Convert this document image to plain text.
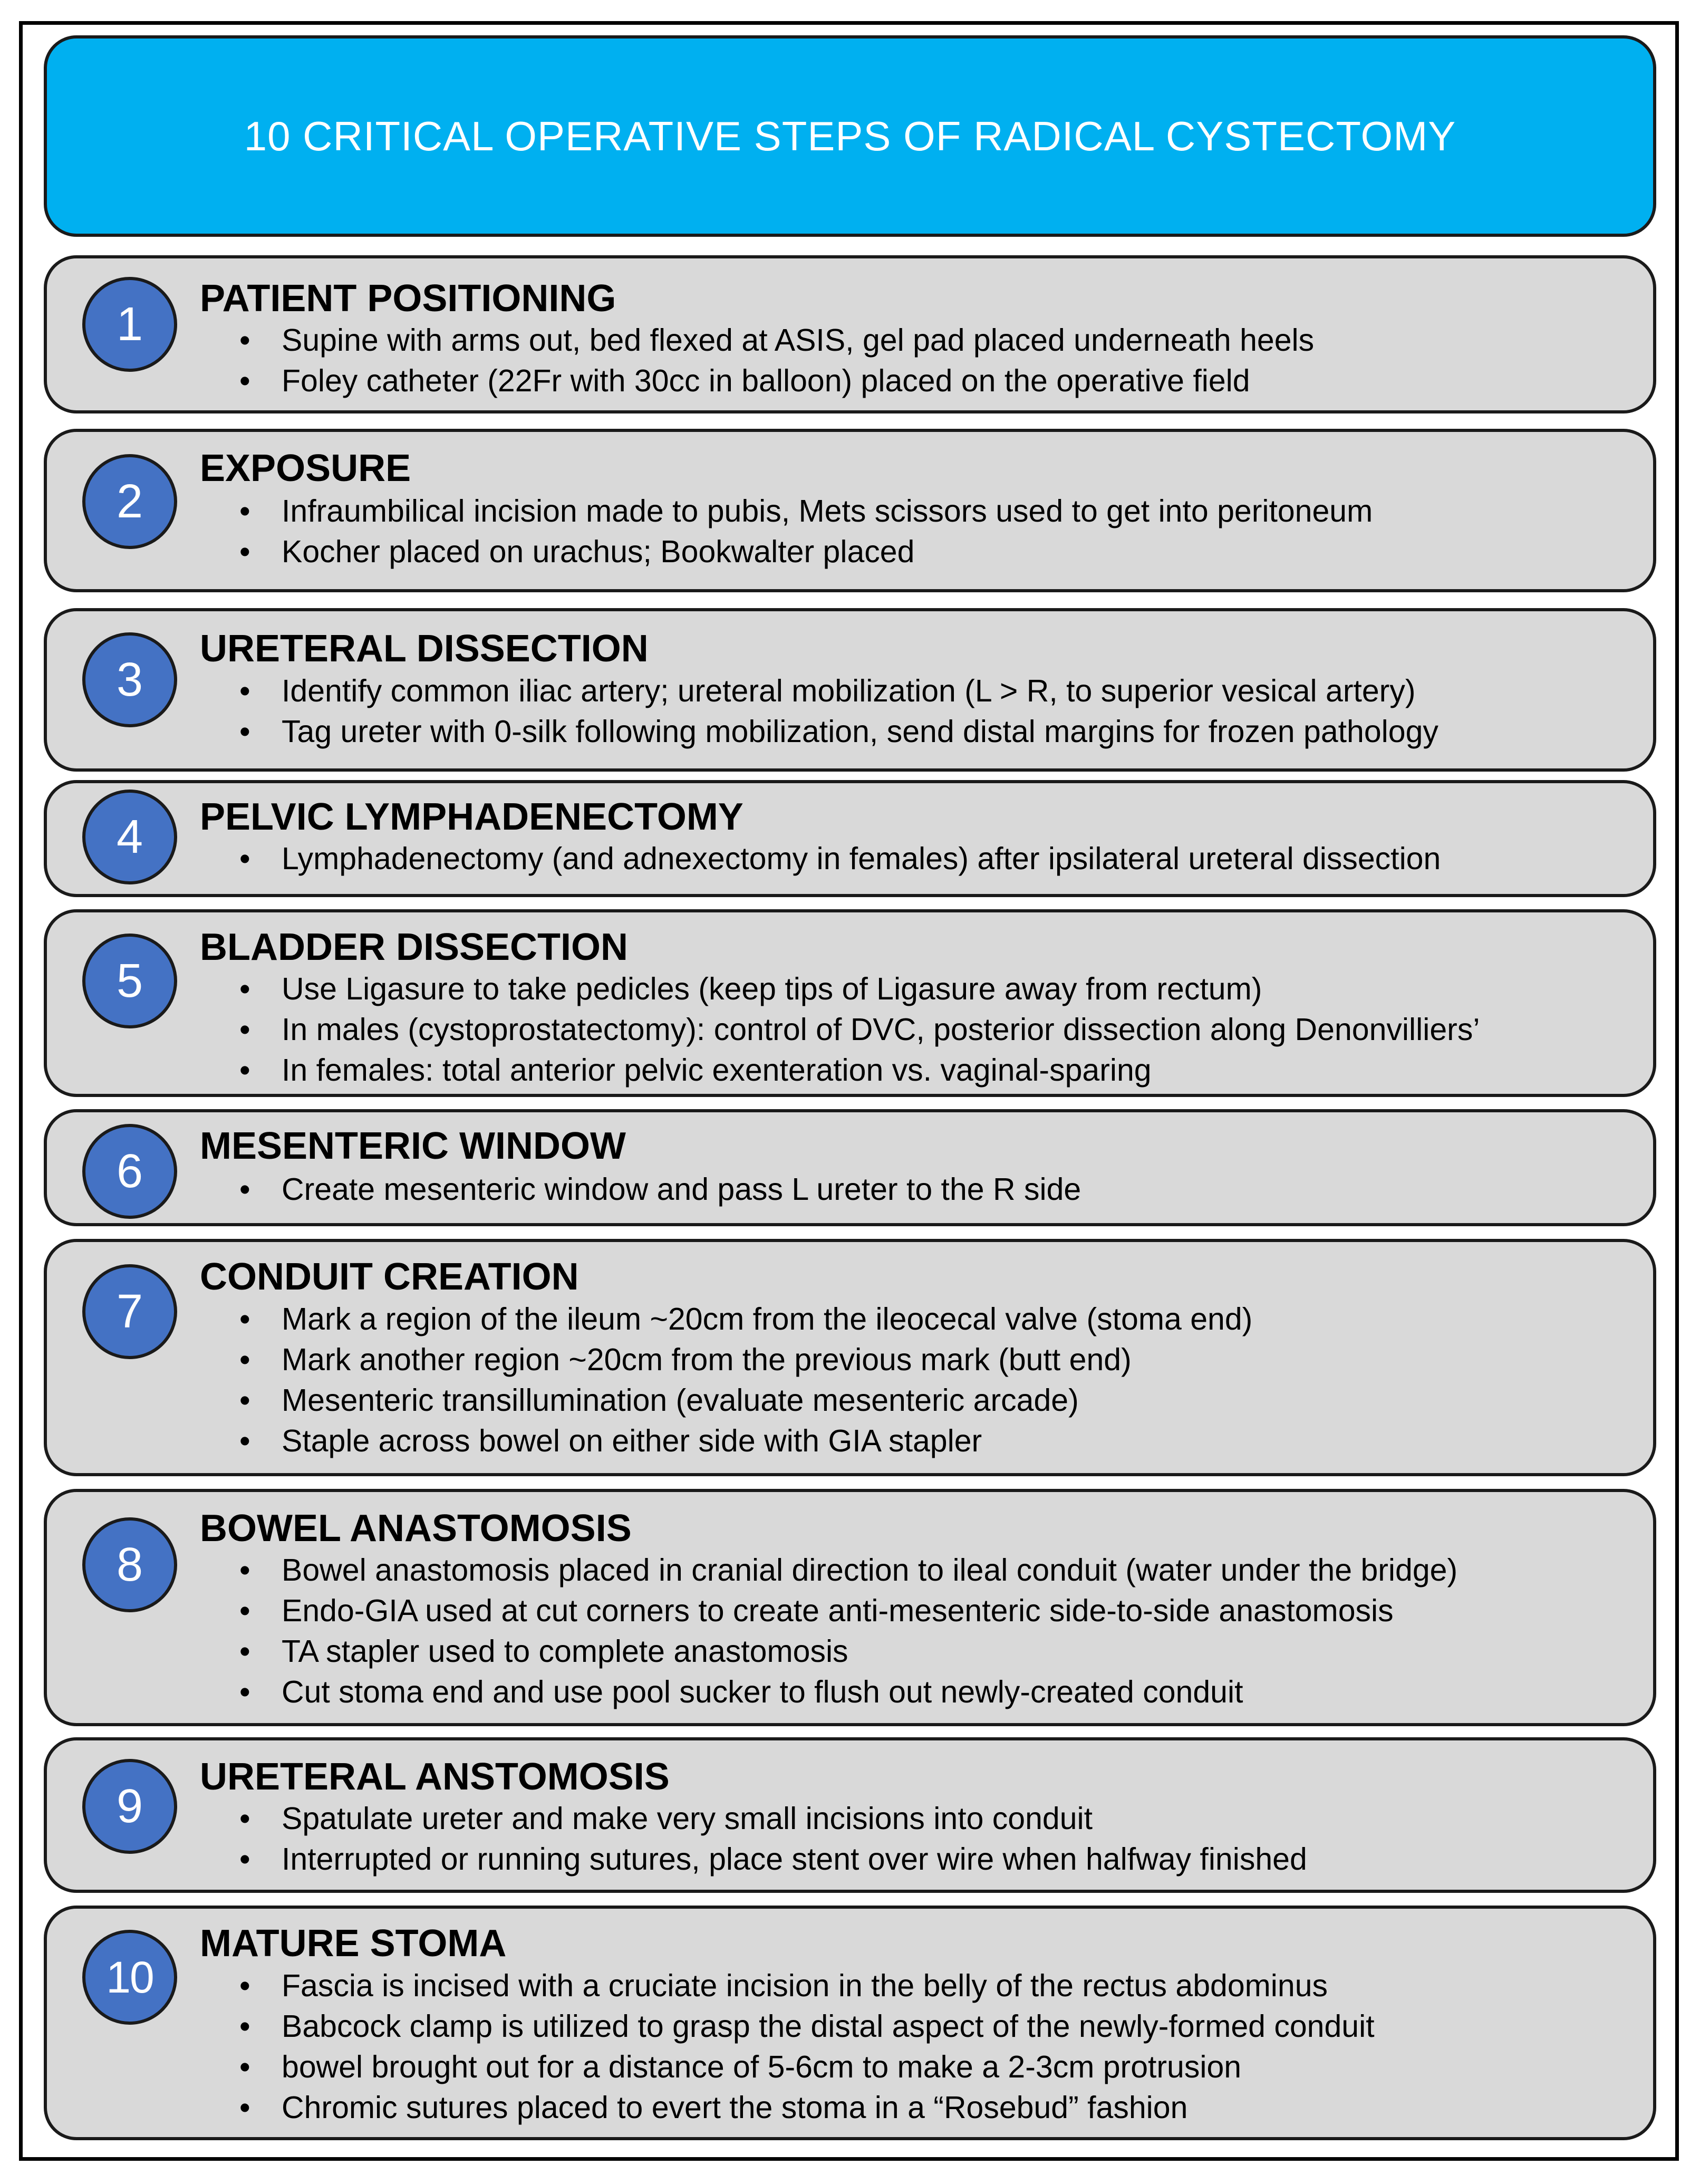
10 CRITICAL OPERATIVE STEPS OF RADICAL CYSTECTOMY
1	PATIENT POSITIONING
• Supine with arms out, bed flexed at ASIS, gel pad placed underneath heels
• Foley catheter (22Fr with 30cc in balloon) placed on the operative field
2
EXPOSURE
• Infraumbilical incision made to pubis, Mets scissors used to get into peritoneum
• Kocher placed on urachus; Bookwalter placed
3
URETERAL DISSECTION
• Identify common iliac artery; ureteral mobilization (L > R, to superior vesical artery)
• Tag ureter with 0-silk following mobilization, send distal margins for frozen pathology
4	PELVIC LYMPHADENECTOMY
• Lymphadenectomy (and adnexectomy in females) after ipsilateral ureteral dissection
5
BLADDER DISSECTION
• Use Ligasure to take pedicles (keep tips of Ligasure away from rectum)
• In males (cystoprostatectomy): control of DVC, posterior dissection along Denonvilliers’
• In females: total anterior pelvic exenteration vs. vaginal-sparing
6	MESENTERIC WINDOW
• Create mesenteric window and pass L ureter to the R side
7
CONDUIT CREATION
• Mark a region of the ileum ~20cm from the ileocecal valve (stoma end)
• Mark another region ~20cm from the previous mark (butt end)
• Mesenteric transillumination (evaluate mesenteric arcade)
• Staple across bowel on either side with GIA stapler
8
BOWEL ANASTOMOSIS
• Bowel anastomosis placed in cranial direction to ileal conduit (water under the bridge)
• Endo-GIA used at cut corners to create anti-mesenteric side-to-side anastomosis
• TA stapler used to complete anastomosis
• Cut stoma end and use pool sucker to flush out newly-created conduit
9
URETERAL ANSTOMOSIS
• Spatulate ureter and make very small incisions into conduit
• Interrupted or running sutures, place stent over wire when halfway finished
10
MATURE STOMA
• Fascia is incised with a cruciate incision in the belly of the rectus abdominus
• Babcock clamp is utilized to grasp the distal aspect of the newly-formed conduit
• bowel brought out for a distance of 5-6cm to make a 2-3cm protrusion
• Chromic sutures placed to evert the stoma in a “Rosebud” fashion
